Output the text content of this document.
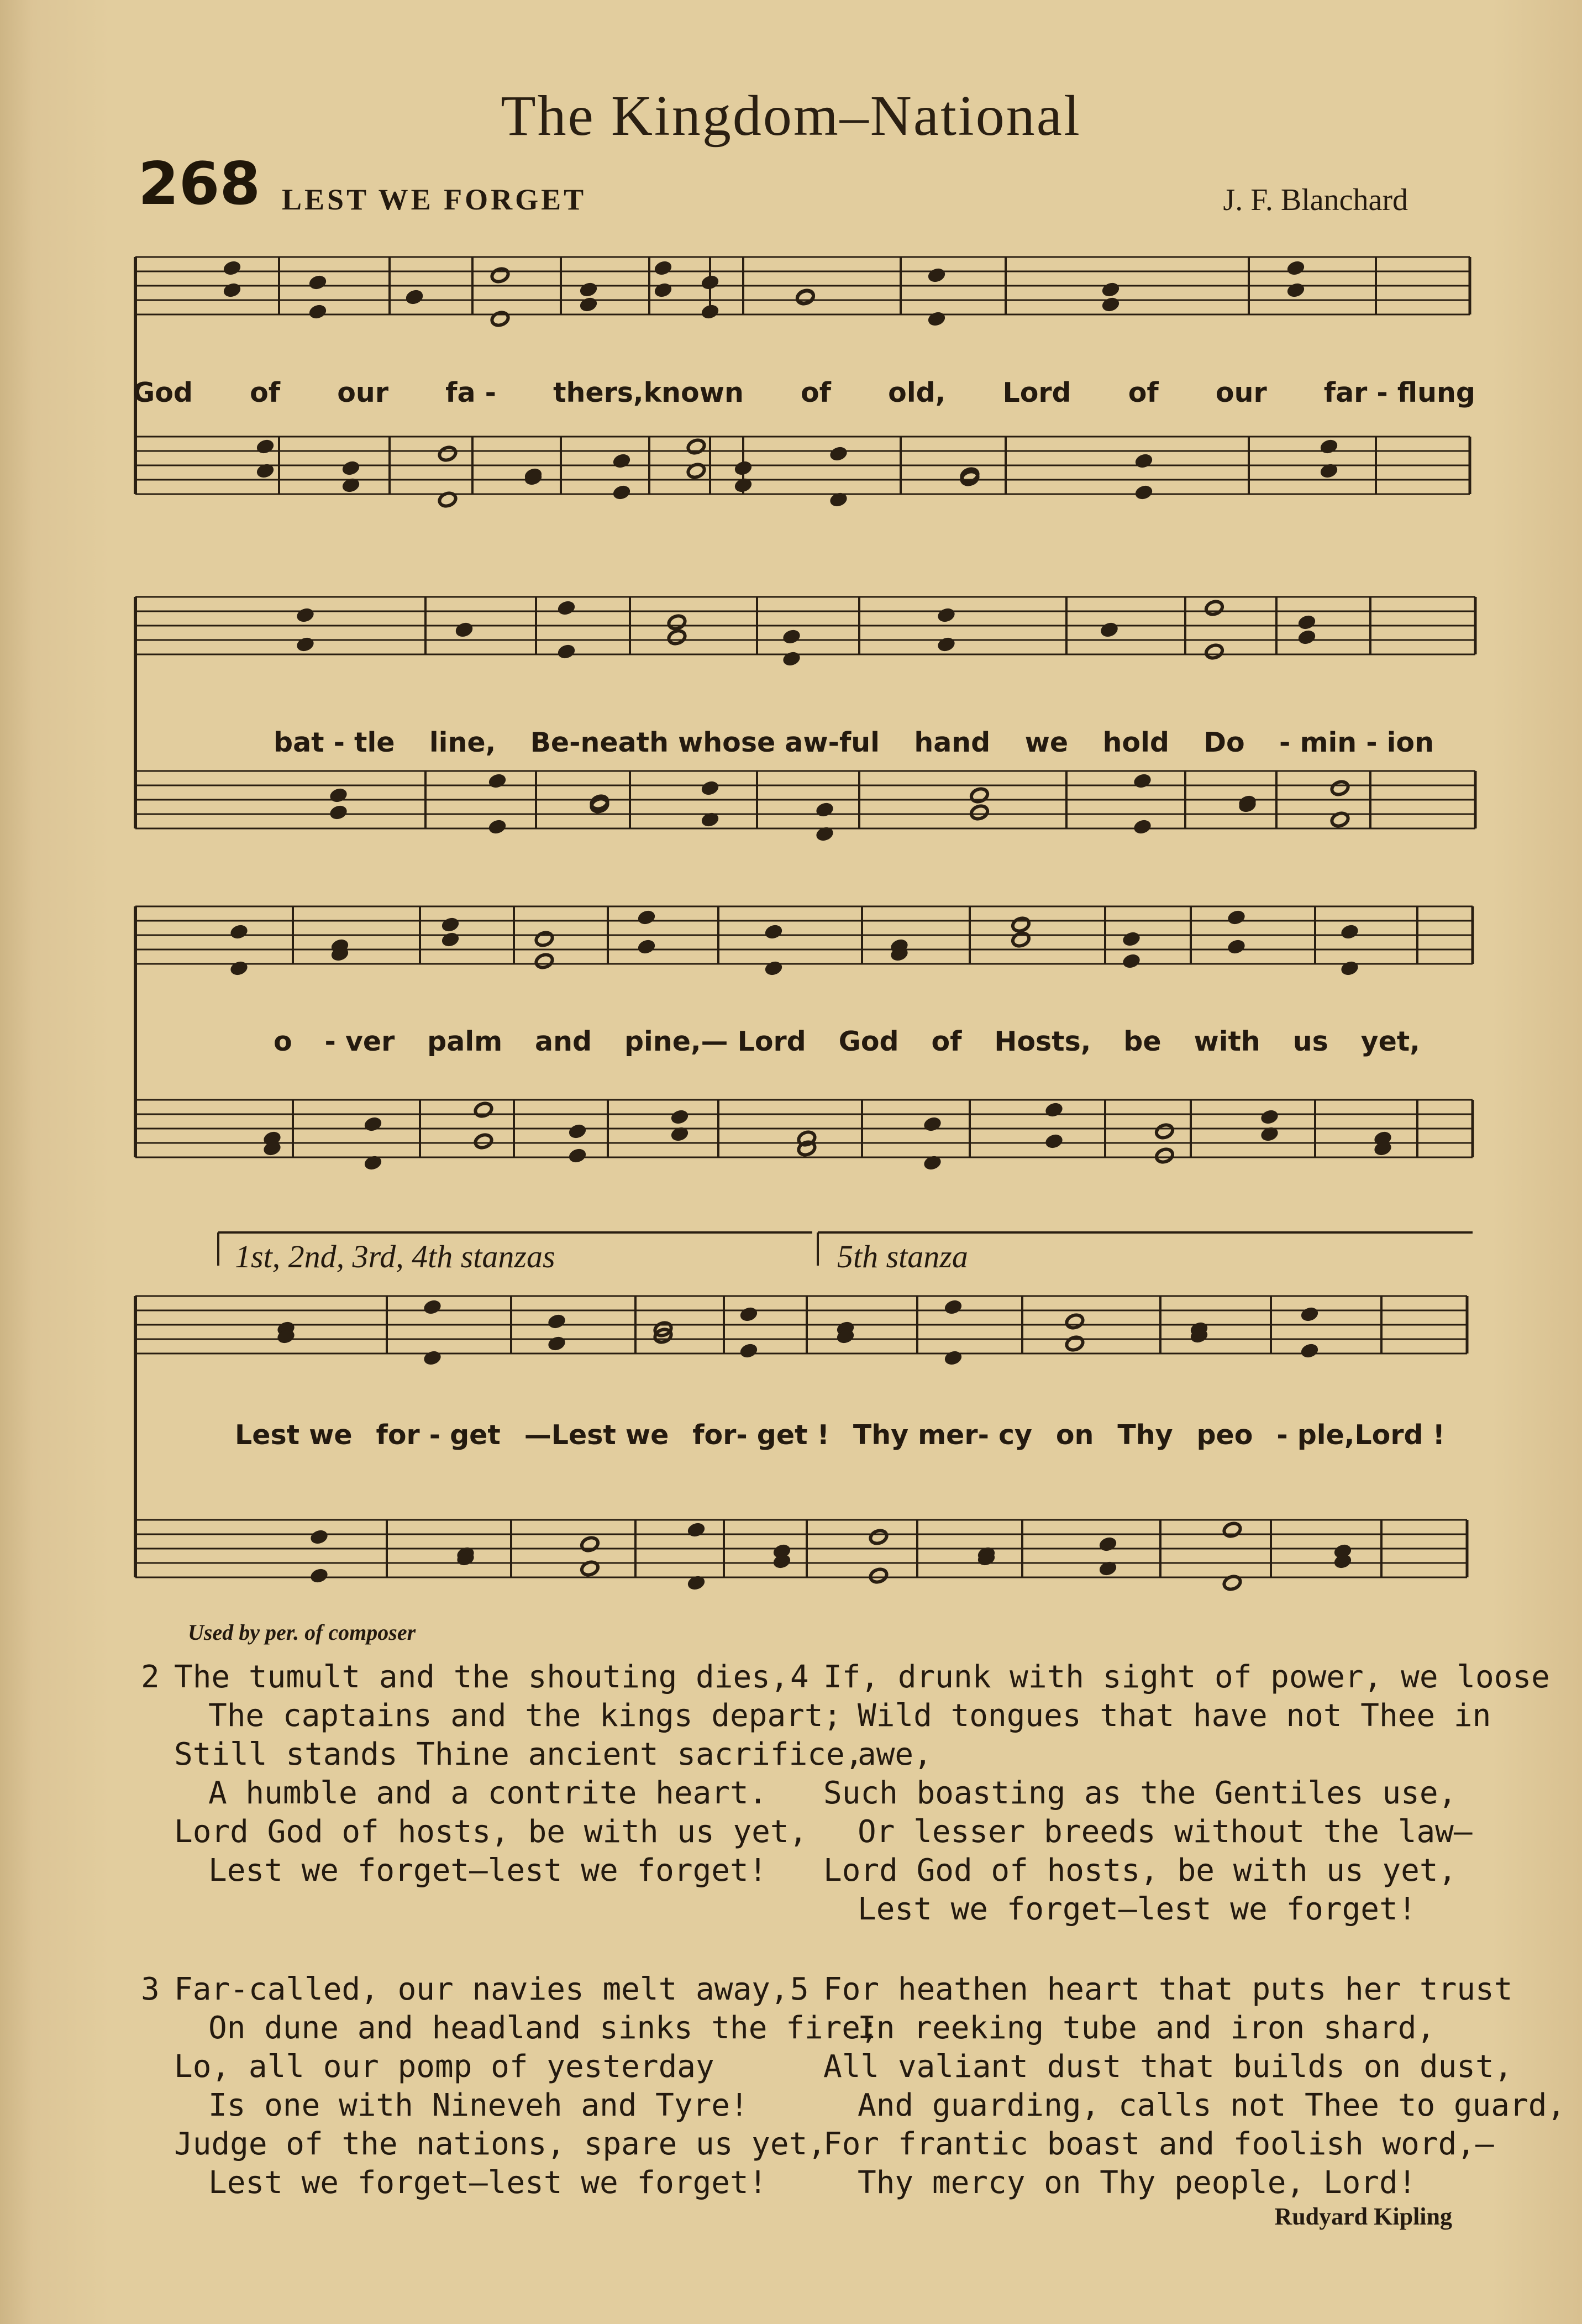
The Kingdom–National
268 LEST WE FORGET	J. F. Blanchard
God of our fa - thers,known of old, Lord of our far - flung
bat - tle line, Be-neath whose aw-ful hand we hold Do - min - ion
o - ver palm and pine,— Lord God of Hosts, be with us yet,
Lest we for - get —Lest we for- get ! Thy mer- cy on Thy peo - ple,Lord !
1st, 2nd, 3rd, 4th stanzas	5th stanza
Used by per. of composer
2 The tumult and the shouting dies,
The captains and the kings depart;
Still stands Thine ancient sacrifice,
A humble and a contrite heart.
Lord God of hosts, be with us yet,
Lest we forget—lest we forget!
3 Far-called, our navies melt away,
On dune and headland sinks the fire;
Lo, all our pomp of yesterday
Is one with Nineveh and Tyre!
Judge of the nations, spare us yet,
Lest we forget—lest we forget!
4 If, drunk with sight of power, we loose
Wild tongues that have not Thee in
awe,
Such boasting as the Gentiles use,
Or lesser breeds without the law—
Lord God of hosts, be with us yet,
Lest we forget—lest we forget!
5 For heathen heart that puts her trust
In reeking tube and iron shard,
All valiant dust that builds on dust,
And guarding, calls not Thee to guard,
For frantic boast and foolish word,—
Thy mercy on Thy people, Lord!
Rudyard Kipling
